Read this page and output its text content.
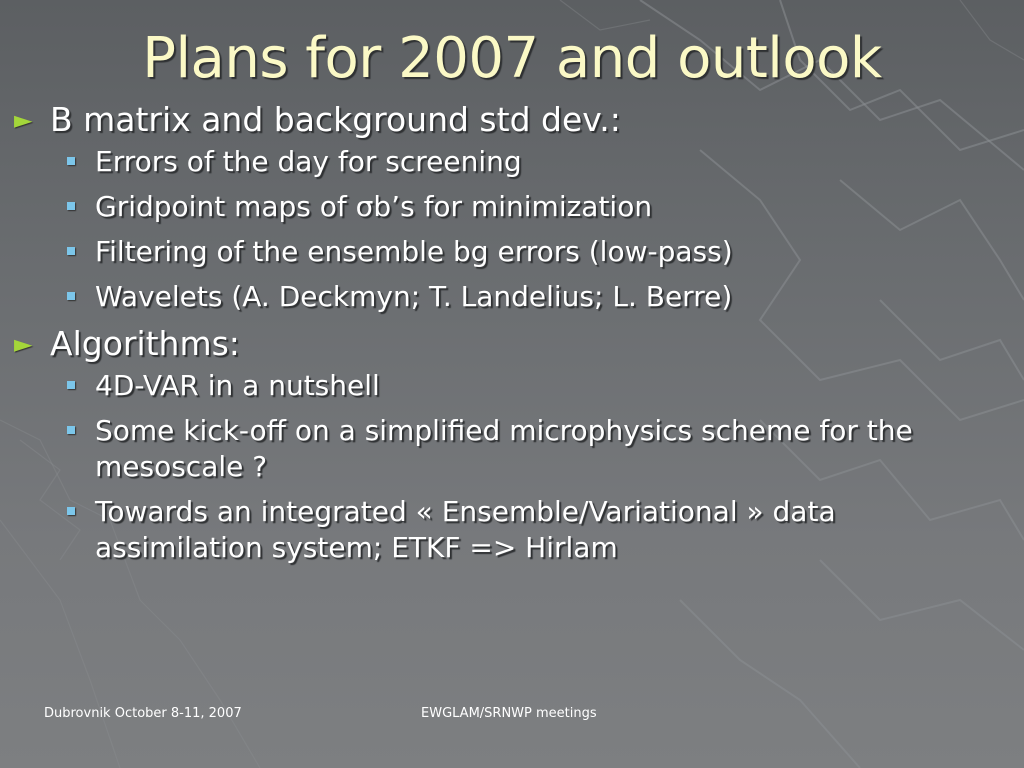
Plans for 2007 and outlook
► B matrix and background std dev.:
Errors of the day for screening
Gridpoint maps of σb’s for minimization
Filtering of the ensemble bg errors (low-pass)
Wavelets (A. Deckmyn; T. Landelius; L. Berre)
► Algorithms:
4D-VAR in a nutshell
Some kick-off on a simplified microphysics scheme for the mesoscale ?
Towards an integrated « Ensemble/Variational » data assimilation system; ETKF => Hirlam
Dubrovnik October 8-11, 2007	EWGLAM/SRNWP meetings
